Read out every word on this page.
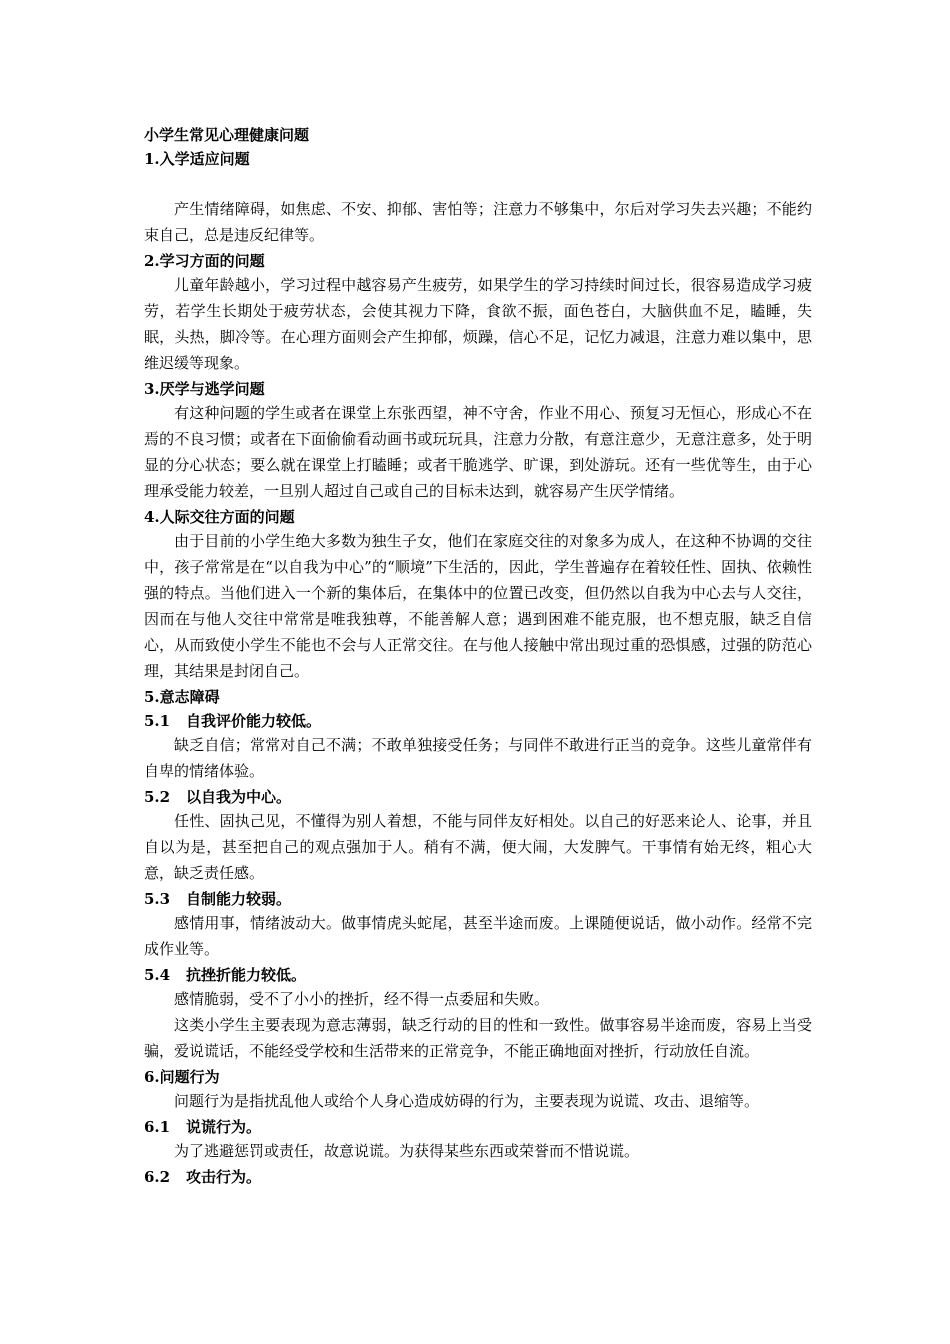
小学生常见心理健康问题
1.入学适应问题

产生情绪障碍，如焦虑、不安、抑郁、害怕等；注意力不够集中，尔后对学习失去兴趣；不能约束自己，总是违反纪律等。

2.学习方面的问题

儿童年龄越小，学习过程中越容易产生疲劳，如果学生的学习持续时间过长，很容易造成学习疲劳，若学生长期处于疲劳状态，会使其视力下降，食欲不振，面色苍白，大脑供血不足，瞌睡，失眠，头热，脚冷等。在心理方面则会产生抑郁，烦躁，信心不足，记忆力减退，注意力难以集中，思维迟缓等现象。

3.厌学与逃学问题

有这种问题的学生或者在课堂上东张西望，神不守舍，作业不用心、预复习无恒心，形成心不在焉的不良习惯；或者在下面偷偷看动画书或玩玩具，注意力分散，有意注意少，无意注意多，处于明显的分心状态；要么就在课堂上打瞌睡；或者干脆逃学、旷课，到处游玩。还有一些优等生，由于心理承受能力较差，一旦别人超过自己或自己的目标未达到，就容易产生厌学情绪。

4.人际交往方面的问题

由于目前的小学生绝大多数为独生子女，他们在家庭交往的对象多为成人，在这种不协调的交往中，孩子常常是在“以自我为中心”的“顺境”下生活的，因此，学生普遍存在着较任性、固执、依赖性强的特点。当他们进入一个新的集体后，在集体中的位置已改变，但仍然以自我为中心去与人交往，因而在与他人交往中常常是唯我独尊，不能善解人意；遇到困难不能克服，也不想克服，缺乏自信心，从而致使小学生不能也不会与人正常交往。在与他人接触中常出现过重的恐惧感，过强的防范心理，其结果是封闭自己。

5.意志障碍
5.1 自我评价能力较低。

缺乏自信；常常对自己不满；不敢单独接受任务；与同伴不敢进行正当的竞争。这些儿童常伴有自卑的情绪体验。

5.2 以自我为中心。

任性、固执己见，不懂得为别人着想，不能与同伴友好相处。以自己的好恶来论人、论事，并且自以为是，甚至把自己的观点强加于人。稍有不满，便大闹，大发脾气。干事情有始无终，粗心大意，缺乏责任感。

5.3 自制能力较弱。

感情用事，情绪波动大。做事情虎头蛇尾，甚至半途而废。上课随便说话，做小动作。经常不完成作业等。

5.4 抗挫折能力较低。

感情脆弱，受不了小小的挫折，经不得一点委屈和失败。

这类小学生主要表现为意志薄弱，缺乏行动的目的性和一致性。做事容易半途而废，容易上当受骗，爱说谎话，不能经受学校和生活带来的正常竞争，不能正确地面对挫折，行动放任自流。

6.问题行为

问题行为是指扰乱他人或给个人身心造成妨碍的行为，主要表现为说谎、攻击、退缩等。

6.1 说谎行为。

为了逃避惩罚或责任，故意说谎。为获得某些东西或荣誉而不惜说谎。

6.2 攻击行为。
